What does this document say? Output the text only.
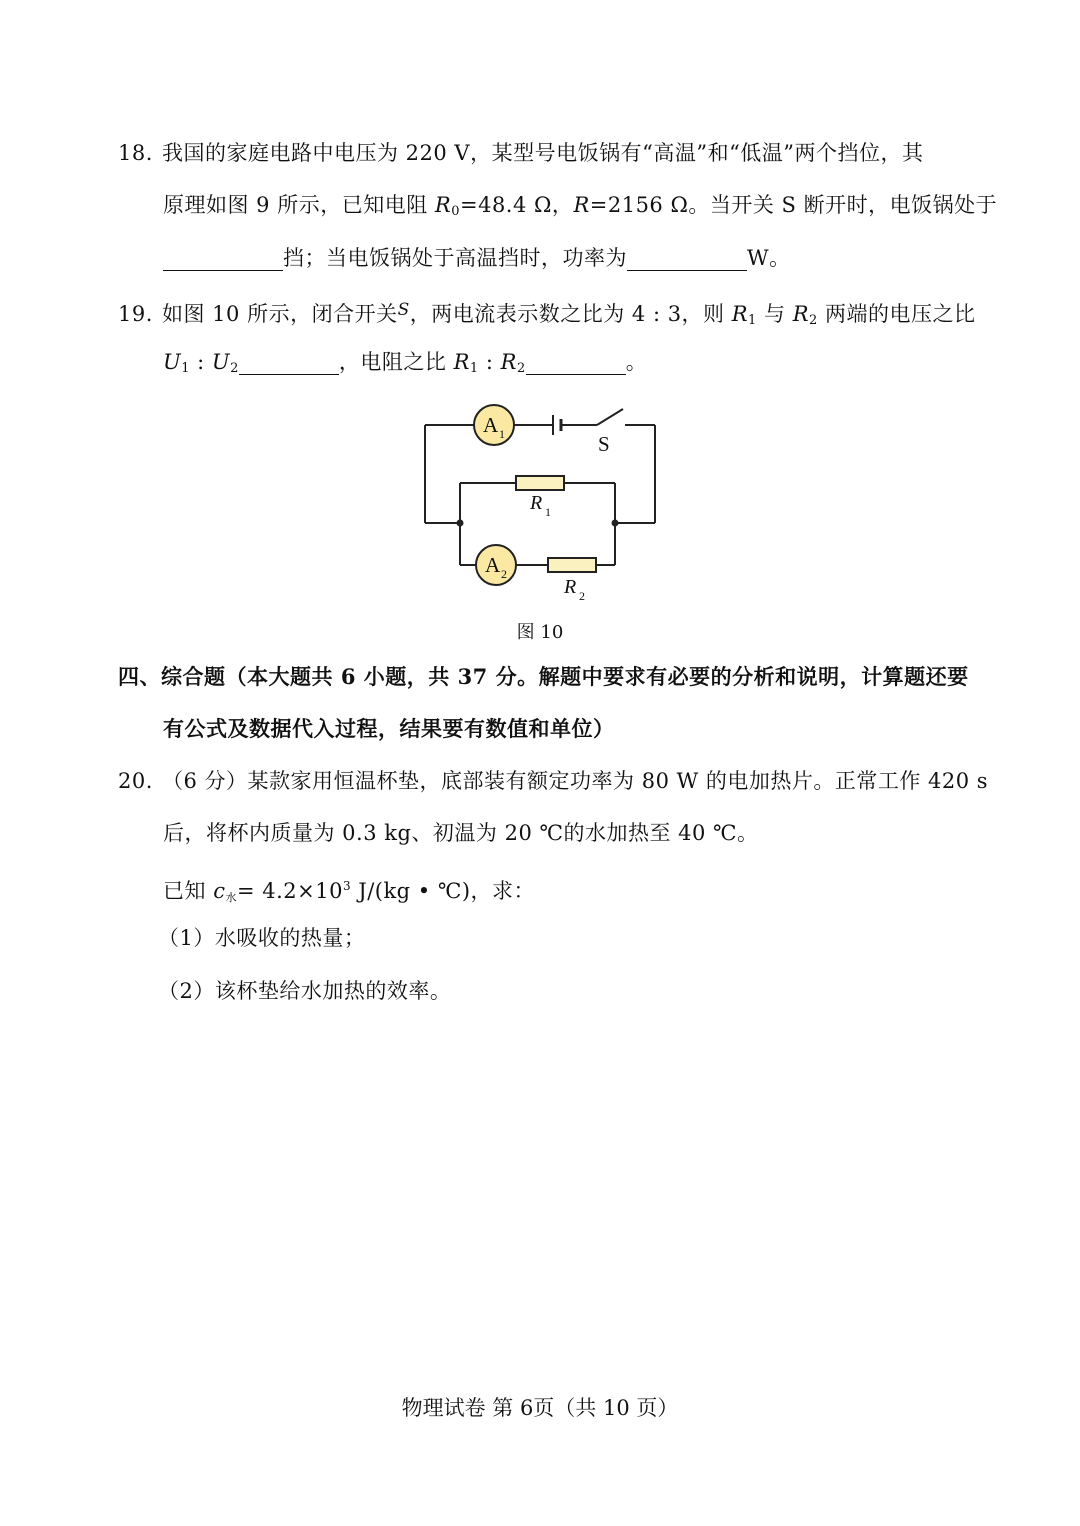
18. 我国的家庭电路中电压为 220 V，某型号电饭锅有“高温”和“低温”两个挡位，其
原理如图 9 所示，已知电阻 $R_0=48.4$ Ω，R=2156 Ω。当开关 S 断开时，电饭锅处于
挡；当电饭锅处于高温挡时，功率为	W。
19. 如图 10 所示，闭合开关$^S$，两电流表示数之比为 4 : 3，则 $R_1$ 与 $R_2$ 两端的电压之比
$U_1$ : $U_2$	，电阻之比 $R_1$ : $R_2$	。
A 1
A 2
S
R 1
R 2
图 10
四、综合题（本大题共 6 小题，共 37 分。解题中要求有必要的分析和说明，计算题还要
有公式及数据代入过程，结果要有数值和单位）
20. （6 分）某款家用恒温杯垫，底部装有额定功率为 80 W 的电加热片。正常工作 420 s
后，将杯内质量为 0.3 kg、初温为 20 ℃的水加热至 40 ℃。
已知 $c_水= 4.2\times 10^3$ J/(kg • ℃)，求：
（1）水吸收的热量；
（2）该杯垫给水加热的效率。
物理试卷 第 6页（共 10 页）
